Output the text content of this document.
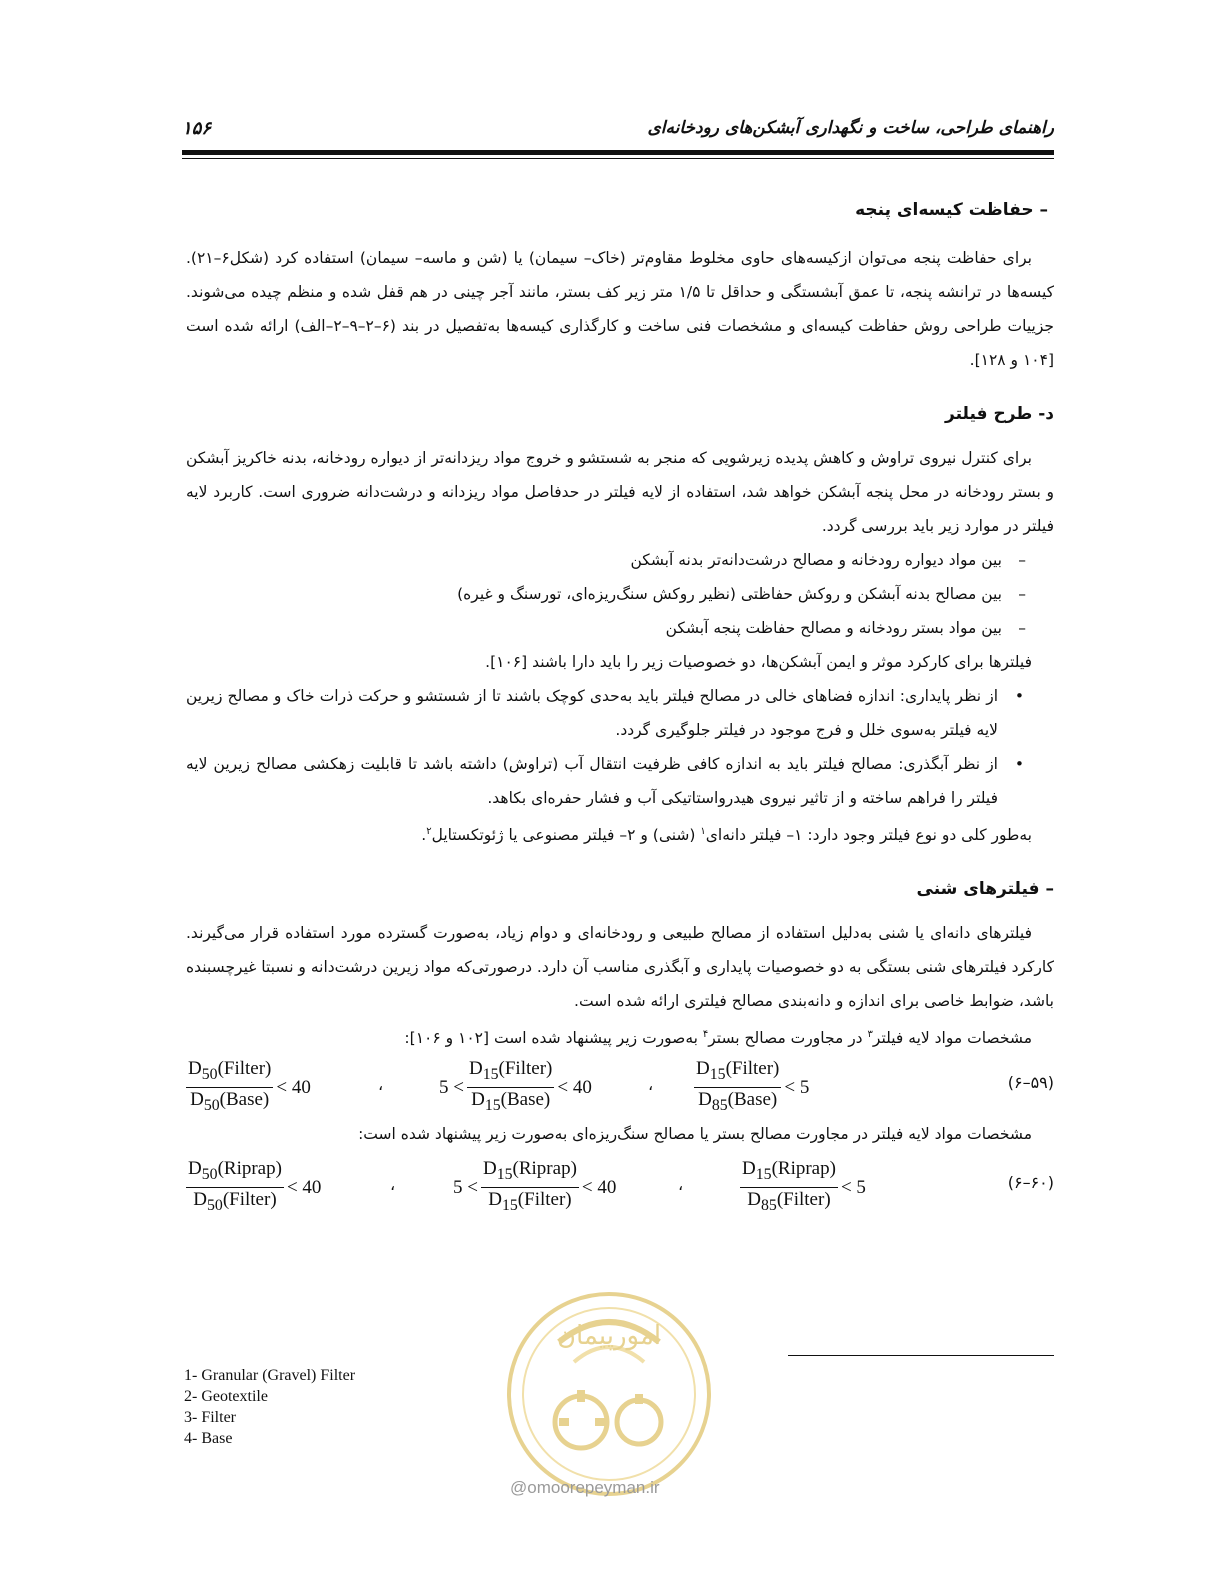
راهنمای طراحی، ساخت و نگهداری آبشکن‌های رودخانه‌ای
۱۵۶
– حفاظت کیسه‌ای پنجه
برای حفاظت پنجه می‌توان ازکیسه‌های حاوی مخلوط مقاوم‌تر (خاک– سیمان) یا (شن و ماسه– سیمان) استفاده کرد (شکل۶–۲۱). کیسه‌ها در ترانشه پنجه، تا عمق آبشستگی و حداقل تا ۱/۵ متر زیر کف بستر، مانند آجر چینی در هم قفل شده و منظم چیده می‌شوند. جزییات طراحی روش حفاظت کیسه‌ای و مشخصات فنی ساخت و کارگذاری کیسه‌ها به‌تفصیل در بند (۶–۲–۹–۲–الف) ارائه شده است [۱۰۴ و ۱۲۸].
د- طرح فیلتر
برای کنترل نیروی تراوش و کاهش پدیده زیرشویی که منجر به شستشو و خروج مواد ریزدانه‌تر از دیواره رودخانه، بدنه خاکریز آبشکن و بستر رودخانه در محل پنجه آبشکن خواهد شد، استفاده از لایه فیلتر در حدفاصل مواد ریزدانه و درشت‌دانه ضروری است. کاربرد لایه فیلتر در موارد زیر باید بررسی گردد.
– بین مواد دیواره رودخانه و مصالح درشت‌دانه‌تر بدنه آبشکن
– بین مصالح بدنه آبشکن و روکش حفاظتی (نظیر روکش سنگ‌ریزه‌ای، تورسنگ و غیره)
– بین مواد بستر رودخانه و مصالح حفاظت پنجه آبشکن
فیلترها برای کارکرد موثر و ایمن آبشکن‌ها، دو خصوصیات زیر را باید دارا باشند [۱۰۶].
• از نظر پایداری: اندازه فضاهای خالی در مصالح فیلتر باید به‌حدی کوچک باشند تا از شستشو و حرکت ذرات خاک و مصالح زیرین لایه فیلتر به‌سوی خلل و فرج موجود در فیلتر جلوگیری گردد.
• از نظر آبگذری: مصالح فیلتر باید به اندازه کافی ظرفیت انتقال آب (تراوش) داشته باشد تا قابلیت زهکشی مصالح زیرین لایه فیلتر را فراهم ساخته و از تاثیر نیروی هیدرواستاتیکی آب و فشار حفره‌ای بکاهد.
به‌طور کلی دو نوع فیلتر وجود دارد: ۱– فیلتر دانه‌ای$^۱$ (شنی) و ۲– فیلتر مصنوعی یا ژئوتکستایل$^۲$.
– فیلترهای شنی
فیلترهای دانه‌ای یا شنی به‌دلیل استفاده از مصالح طبیعی و رودخانه‌ای و دوام زیاد، به‌صورت گسترده مورد استفاده قرار می‌گیرند. کارکرد فیلترهای شنی بستگی به دو خصوصیات پایداری و آبگذری مناسب آن دارد. درصورتی‌که مواد زیرین درشت‌دانه و نسبتا غیرچسبنده باشد، ضوابط خاصی برای اندازه و دانه‌بندی مصالح فیلتری ارائه شده است.
مشخصات مواد لایه فیلتر$^۳$ در مجاورت مصالح بستر$^۴$ به‌صورت زیر پیشنهاد شده است [۱۰۲ و ۱۰۶]:
$\frac{D_{50}(Filter)}{D_{50}(Base)} < 40$	،	$5 < \frac{D_{15}(Filter)}{D_{15}(Base)} < 40$	، $\frac{D_{15}(Filter)}{D_{85}(Base)} < 5$	(۶–۵۹)
مشخصات مواد لایه فیلتر در مجاورت مصالح بستر یا مصالح سنگ‌ریزه‌ای به‌صورت زیر پیشنهاد شده است:
$\frac{D_{50}(Riprap)}{D_{50}(Filter)} < 40$	،	$5 < \frac{D_{15}(Riprap)}{D_{15}(Filter)} < 40$	،	$\frac{D_{15}(Riprap)}{D_{85}(Filter)} < 5$	(۶–۶۰)
1- Granular (Gravel) Filter
2- Geotextile
3- Filter
4- Base
امورپیمان
@omoorepeyman.ir
